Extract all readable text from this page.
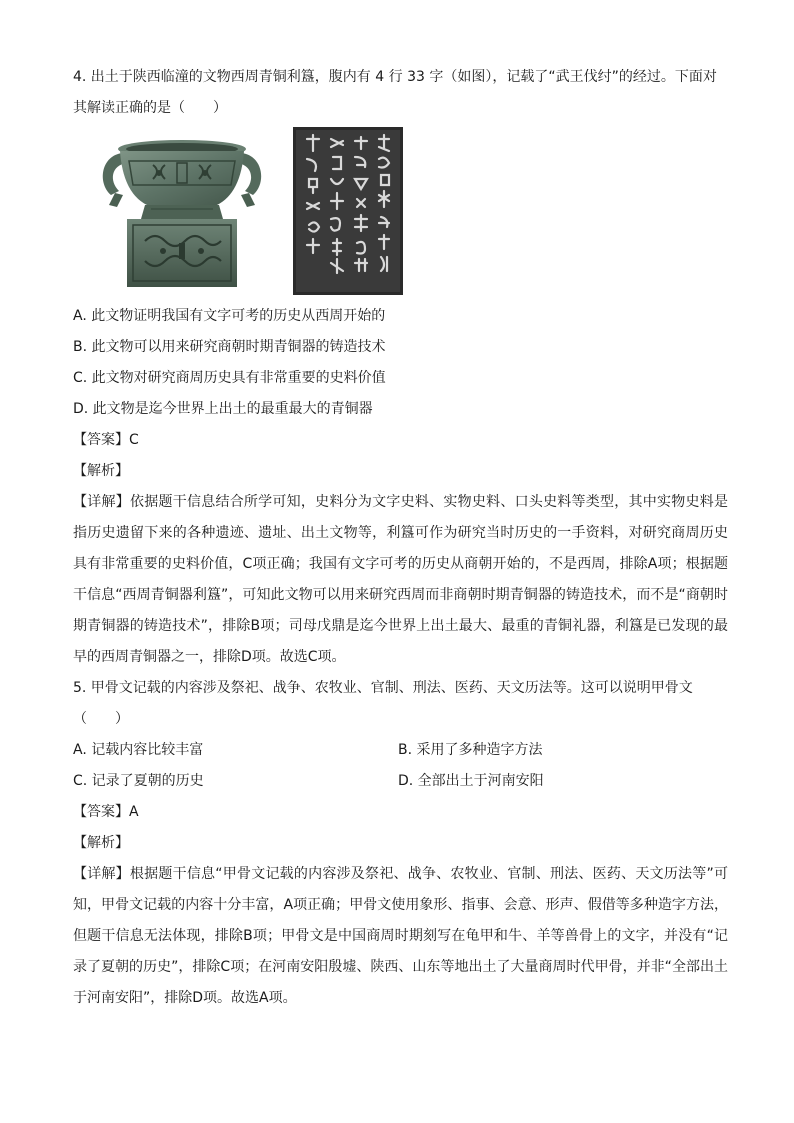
4. 出土于陕西临潼的文物西周青铜利簋，腹内有 4 行 33 字（如图），记载了“武王伐纣”的经过。下面对
其解读正确的是（　　）
A. 此文物证明我国有文字可考的历史从西周开始的
B. 此文物可以用来研究商朝时期青铜器的铸造技术
C. 此文物对研究商周历史具有非常重要的史料价值
D. 此文物是迄今世界上出土的最重最大的青铜器
【答案】C
【解析】
【详解】依据题干信息结合所学可知，史料分为文字史料、实物史料、口头史料等类型，其中实物史料是指历史遗留下来的各种遗迹、遗址、出土文物等，利簋可作为研究当时历史的一手资料，对研究商周历史具有非常重要的史料价值，C项正确；我国有文字可考的历史从商朝开始的，不是西周，排除A项；根据题干信息“西周青铜器利簋”，可知此文物可以用来研究西周而非商朝时期青铜器的铸造技术，而不是“商朝时期青铜器的铸造技术”，排除B项；司母戊鼎是迄今世界上出土最大、最重的青铜礼器，利簋是已发现的最早的西周青铜器之一，排除D项。故选C项。
5. 甲骨文记载的内容涉及祭祀、战争、农牧业、官制、刑法、医药、天文历法等。这可以说明甲骨文
（　　）
A. 记载内容比较丰富	B. 采用了多种造字方法
C. 记录了夏朝的历史	D. 全部出土于河南安阳
【答案】A
【解析】
【详解】根据题干信息“甲骨文记载的内容涉及祭祀、战争、农牧业、官制、刑法、医药、天文历法等”可知，甲骨文记载的内容十分丰富，A项正确；甲骨文使用象形、指事、会意、形声、假借等多种造字方法，但题干信息无法体现，排除B项；甲骨文是中国商周时期刻写在龟甲和牛、羊等兽骨上的文字，并没有“记录了夏朝的历史”，排除C项；在河南安阳殷墟、陕西、山东等地出土了大量商周时代甲骨，并非“全部出土于河南安阳”，排除D项。故选A项。
